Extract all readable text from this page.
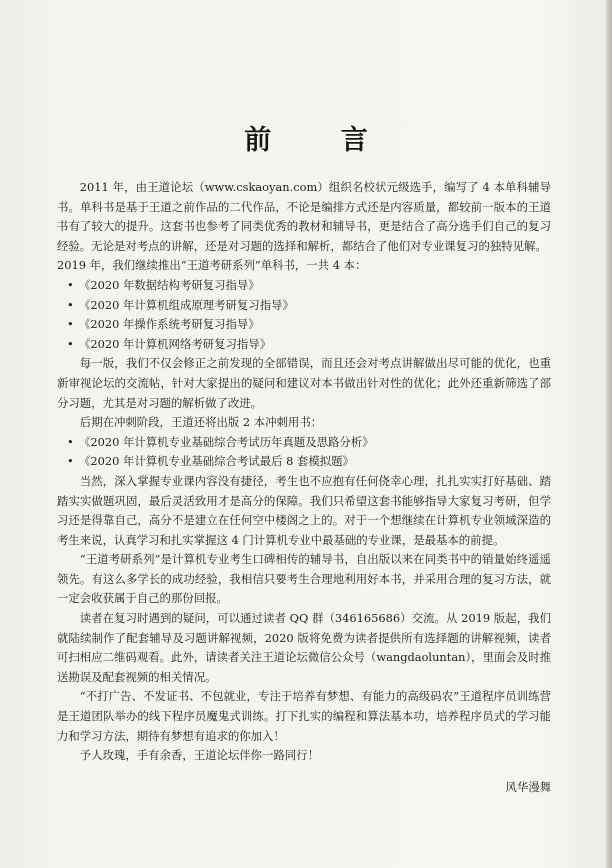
前 言

2011 年，由王道论坛（www.cskaoyan.com）组织名校状元级选手，编写了 4 本单科辅导书。单科书是基于王道之前作品的二代作品，不论是编排方式还是内容质量，都较前一版本的王道书有了较大的提升。这套书也参考了同类优秀的教材和辅导书，更是结合了高分选手们自己的复习经验。无论是对考点的讲解，还是对习题的选择和解析，都结合了他们对专业课复习的独特见解。

2019 年，我们继续推出“王道考研系列”单科书，一共 4 本：

• 《2020 年数据结构考研复习指导》

• 《2020 年计算机组成原理考研复习指导》

• 《2020 年操作系统考研复习指导》

• 《2020 年计算机网络考研复习指导》

每一版，我们不仅会修正之前发现的全部错误，而且还会对考点讲解做出尽可能的优化，也重新审视论坛的交流帖，针对大家提出的疑问和建议对本书做出针对性的优化；此外还重新筛选了部分习题，尤其是对习题的解析做了改进。

后期在冲刺阶段，王道还将出版 2 本冲刺用书：

• 《2020 年计算机专业基础综合考试历年真题及思路分析》

• 《2020 年计算机专业基础综合考试最后 8 套模拟题》

当然，深入掌握专业课内容没有捷径，考生也不应抱有任何侥幸心理，扎扎实实打好基础、踏踏实实做题巩固，最后灵活致用才是高分的保障。我们只希望这套书能够指导大家复习考研，但学习还是得靠自己，高分不是建立在任何空中楼阁之上的。对于一个想继续在计算机专业领域深造的考生来说，认真学习和扎实掌握这 4 门计算机专业中最基础的专业课，是最基本的前提。

“王道考研系列”是计算机专业考生口碑相传的辅导书，自出版以来在同类书中的销量始终遥遥领先。有这么多学长的成功经验，我相信只要考生合理地利用好本书，并采用合理的复习方法，就一定会收获属于自己的那份回报。

读者在复习时遇到的疑问，可以通过读者 QQ 群（346165686）交流。从 2019 版起，我们就陆续制作了配套辅导及习题讲解视频，2020 版将免费为读者提供所有选择题的讲解视频，读者可扫相应二维码观看。此外，请读者关注王道论坛微信公众号（wangdaoluntan），里面会及时推送勘误及配套视频的相关情况。

“不打广告、不发证书、不包就业，专注于培养有梦想、有能力的高级码农”王道程序员训练营是王道团队举办的线下程序员魔鬼式训练。打下扎实的编程和算法基本功，培养程序员式的学习能力和学习方法，期待有梦想有追求的你加入！

予人玫瑰，手有余香，王道论坛伴你一路同行！

风华漫舞
